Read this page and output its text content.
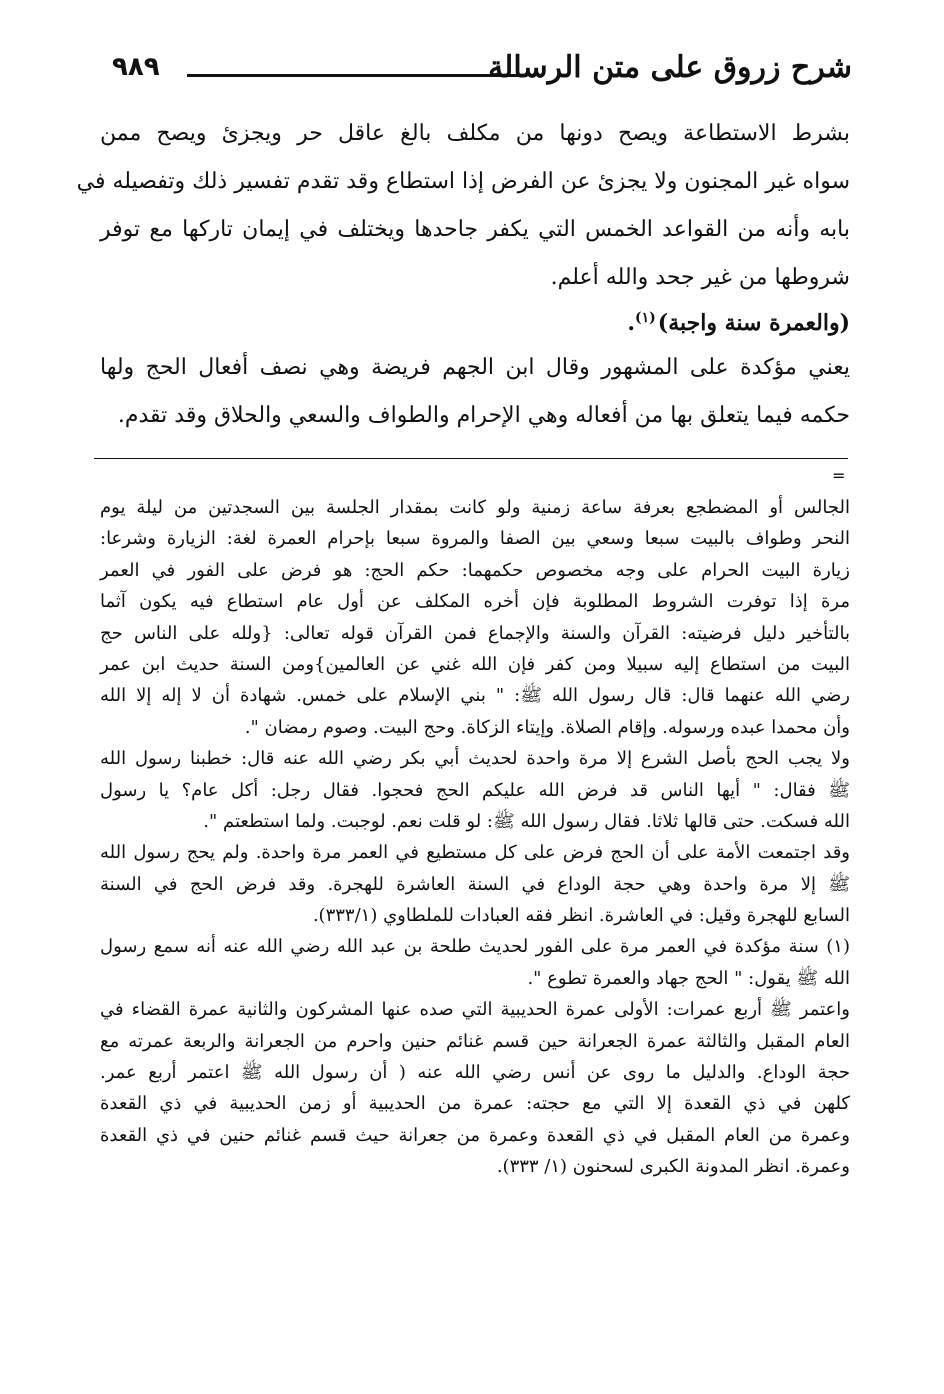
٩٨٩	شرح زروق على متن الرسالة
بشرط الاستطاعة ويصح دونها من مكلف بالغ عاقل حر ويجزئ ويصح ممن
سواه غير المجنون ولا يجزئ عن الفرض إذا استطاع وقد تقدم تفسير ذلك وتفصيله في
بابه وأنه من القواعد الخمس التي يكفر جاحدها ويختلف في إيمان تاركها مع توفر
شروطها من غير جحد والله أعلم.
(والعمرة سنة واجبة)$^{(١)}$.
يعني مؤكدة على المشهور وقال ابن الجهم فريضة وهي نصف أفعال الحج ولها
حكمه فيما يتعلق بها من أفعاله وهي الإحرام والطواف والسعي والحلاق وقد تقدم.
=
الجالس أو المضطجع بعرفة ساعة زمنية ولو كانت بمقدار الجلسة بين السجدتين من ليلة يوم
النحر وطواف بالبيت سبعا وسعي بين الصفا والمروة سبعا بإحرام العمرة لغة: الزيارة وشرعا:
زيارة البيت الحرام على وجه مخصوص حكمهما: حكم الحج: هو فرض على الفور في العمر
مرة إذا توفرت الشروط المطلوبة فإن أخره المكلف عن أول عام استطاع فيه يكون آثما
بالتأخير دليل فرضيته: القرآن والسنة والإجماع فمن القرآن قوله تعالى: {ولله على الناس حج
البيت من استطاع إليه سبيلا ومن كفر فإن الله غني عن العالمين}ومن السنة حديث ابن عمر
رضي الله عنهما قال: قال رسول الله ﷺ: " بني الإسلام على خمس. شهادة أن لا إله إلا الله
وأن محمدا عبده ورسوله. وإقام الصلاة. وإيتاء الزكاة. وحج البيت. وصوم رمضان ".
ولا يجب الحج بأصل الشرع إلا مرة واحدة لحديث أبي بكر رضي الله عنه قال: خطبنا رسول الله
ﷺ فقال: " أيها الناس قد فرض الله عليكم الحج فحجوا. فقال رجل: أكل عام؟ يا رسول
الله فسكت. حتى قالها ثلاثا. فقال رسول الله ﷺ: لو قلت نعم. لوجبت. ولما استطعتم ".
وقد اجتمعت الأمة على أن الحج فرض على كل مستطيع في العمر مرة واحدة. ولم يحج رسول الله
ﷺ إلا مرة واحدة وهي حجة الوداع في السنة العاشرة للهجرة. وقد فرض الحج في السنة
السابع للهجرة وقيل: في العاشرة. انظر فقه العبادات للملطاوي (٣٣٣/١).
(١) سنة مؤكدة في العمر مرة على الفور لحديث طلحة بن عبد الله رضي الله عنه أنه سمع رسول
الله ﷺ يقول: " الحج جهاد والعمرة تطوع ".
واعتمر ﷺ أربع عمرات: الأولى عمرة الحديبية التي صده عنها المشركون والثانية عمرة القضاء في
العام المقبل والثالثة عمرة الجعرانة حين قسم غنائم حنين واحرم من الجعرانة والربعة عمرته مع
حجة الوداع. والدليل ما روى عن أنس رضي الله عنه ( أن رسول الله ﷺ اعتمر أربع عمر.
كلهن في ذي القعدة إلا التي مع حجته: عمرة من الحديبية أو زمن الحديبية في ذي القعدة
وعمرة من العام المقبل في ذي القعدة وعمرة من جعرانة حيث قسم غنائم حنين في ذي القعدة
وعمرة. انظر المدونة الكبرى لسحنون (١/ ٣٣٣).
